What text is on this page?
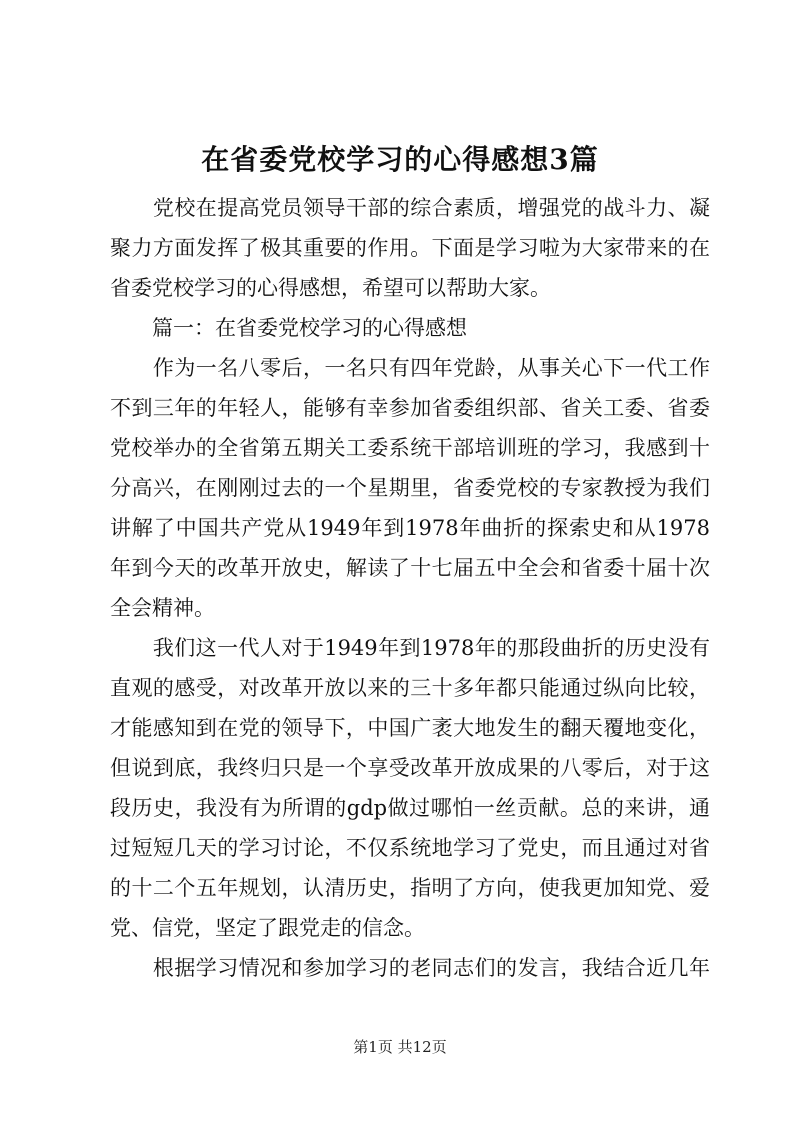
在省委党校学习的心得感想3篇
　　党校在提高党员领导干部的综合素质，增强党的战斗力、凝
聚力方面发挥了极其重要的作用。下面是学习啦为大家带来的在
省委党校学习的心得感想，希望可以帮助大家。
　　篇一：在省委党校学习的心得感想
　　作为一名八零后，一名只有四年党龄，从事关心下一代工作
不到三年的年轻人，能够有幸参加省委组织部、省关工委、省委
党校举办的全省第五期关工委系统干部培训班的学习，我感到十
分高兴，在刚刚过去的一个星期里，省委党校的专家教授为我们
讲解了中国共产党从1949年到1978年曲折的探索史和从1978
年到今天的改革开放史，解读了十七届五中全会和省委十届十次
全会精神。
　　我们这一代人对于1949年到1978年的那段曲折的历史没有
直观的感受，对改革开放以来的三十多年都只能通过纵向比较，
才能感知到在党的领导下，中国广袤大地发生的翻天覆地变化，
但说到底，我终归只是一个享受改革开放成果的八零后，对于这
段历史，我没有为所谓的gdp做过哪怕一丝贡献。总的来讲，通
过短短几天的学习讨论，不仅系统地学习了党史，而且通过对省
的十二个五年规划，认清历史，指明了方向，使我更加知党、爱
党、信党，坚定了跟党走的信念。
　　根据学习情况和参加学习的老同志们的发言，我结合近几年
第1页 共12页
